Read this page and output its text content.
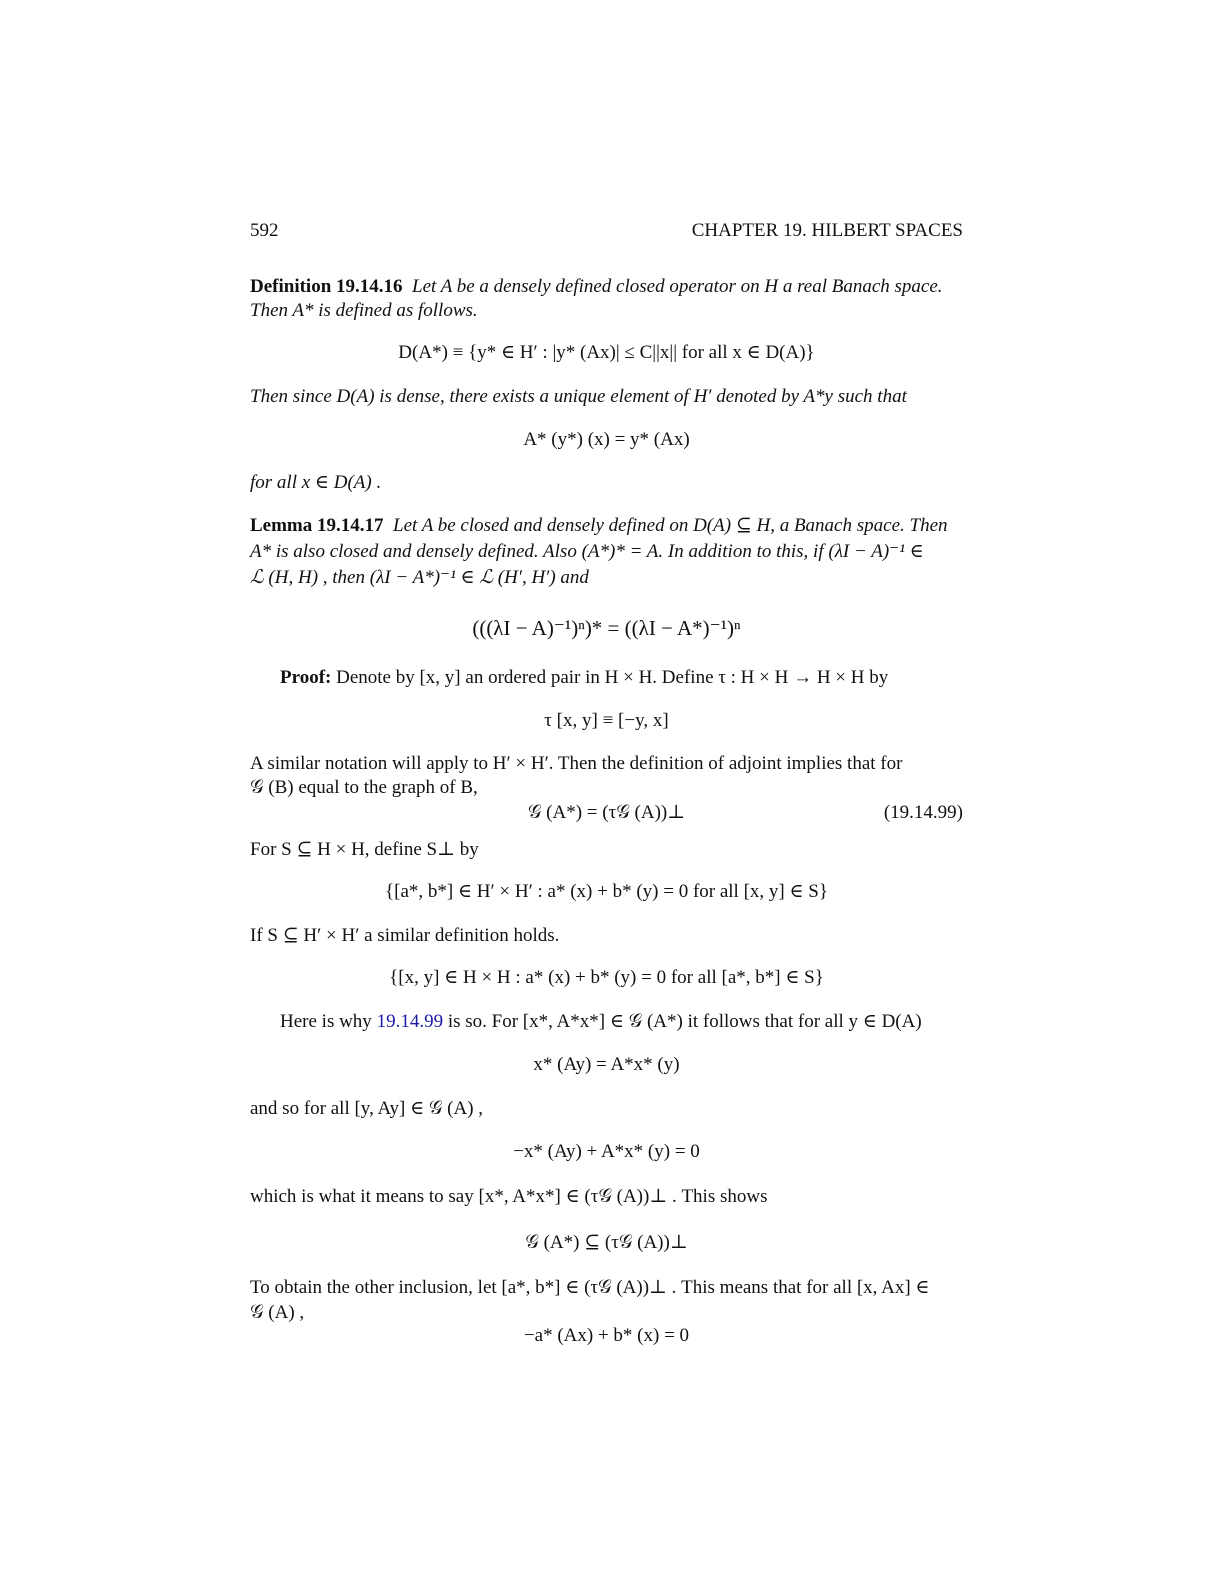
592	CHAPTER 19. HILBERT SPACES
Definition 19.14.16 Let A be a densely defined closed operator on H a real Banach space.
Then A* is defined as follows.
D(A*) ≡ {y* ∈ H′ : |y* (Ax)| ≤ C||x|| for all x ∈ D(A)}
Then since D(A) is dense, there exists a unique element of H′ denoted by A*y such that
A* (y*) (x) = y* (Ax)
for all x ∈ D(A) .
Lemma 19.14.17 Let A be closed and densely defined on D(A) ⊆ H, a Banach space. Then
A* is also closed and densely defined. Also (A*)* = A. In addition to this, if (λI − A)⁻¹ ∈
ℒ (H, H) , then (λI − A*)⁻¹ ∈ ℒ (H′, H′) and
(((λI − A)⁻¹)ⁿ)* = ((λI − A*)⁻¹)ⁿ
Proof: Denote by [x, y] an ordered pair in H × H. Define τ : H × H → H × H by
τ [x, y] ≡ [−y, x]
A similar notation will apply to H′ × H′. Then the definition of adjoint implies that for
𝒢 (B) equal to the graph of B,
𝒢 (A*) = (τ𝒢 (A))⊥	(19.14.99)
For S ⊆ H × H, define S⊥ by
{[a*, b*] ∈ H′ × H′ : a* (x) + b* (y) = 0 for all [x, y] ∈ S}
If S ⊆ H′ × H′ a similar definition holds.
{[x, y] ∈ H × H : a* (x) + b* (y) = 0 for all [a*, b*] ∈ S}
Here is why 19.14.99 is so. For [x*, A*x*] ∈ 𝒢 (A*) it follows that for all y ∈ D(A)
x* (Ay) = A*x* (y)
and so for all [y, Ay] ∈ 𝒢 (A) ,
−x* (Ay) + A*x* (y) = 0
which is what it means to say [x*, A*x*] ∈ (τ𝒢 (A))⊥ . This shows
𝒢 (A*) ⊆ (τ𝒢 (A))⊥
To obtain the other inclusion, let [a*, b*] ∈ (τ𝒢 (A))⊥ . This means that for all [x, Ax] ∈
𝒢 (A) ,
−a* (Ax) + b* (x) = 0
